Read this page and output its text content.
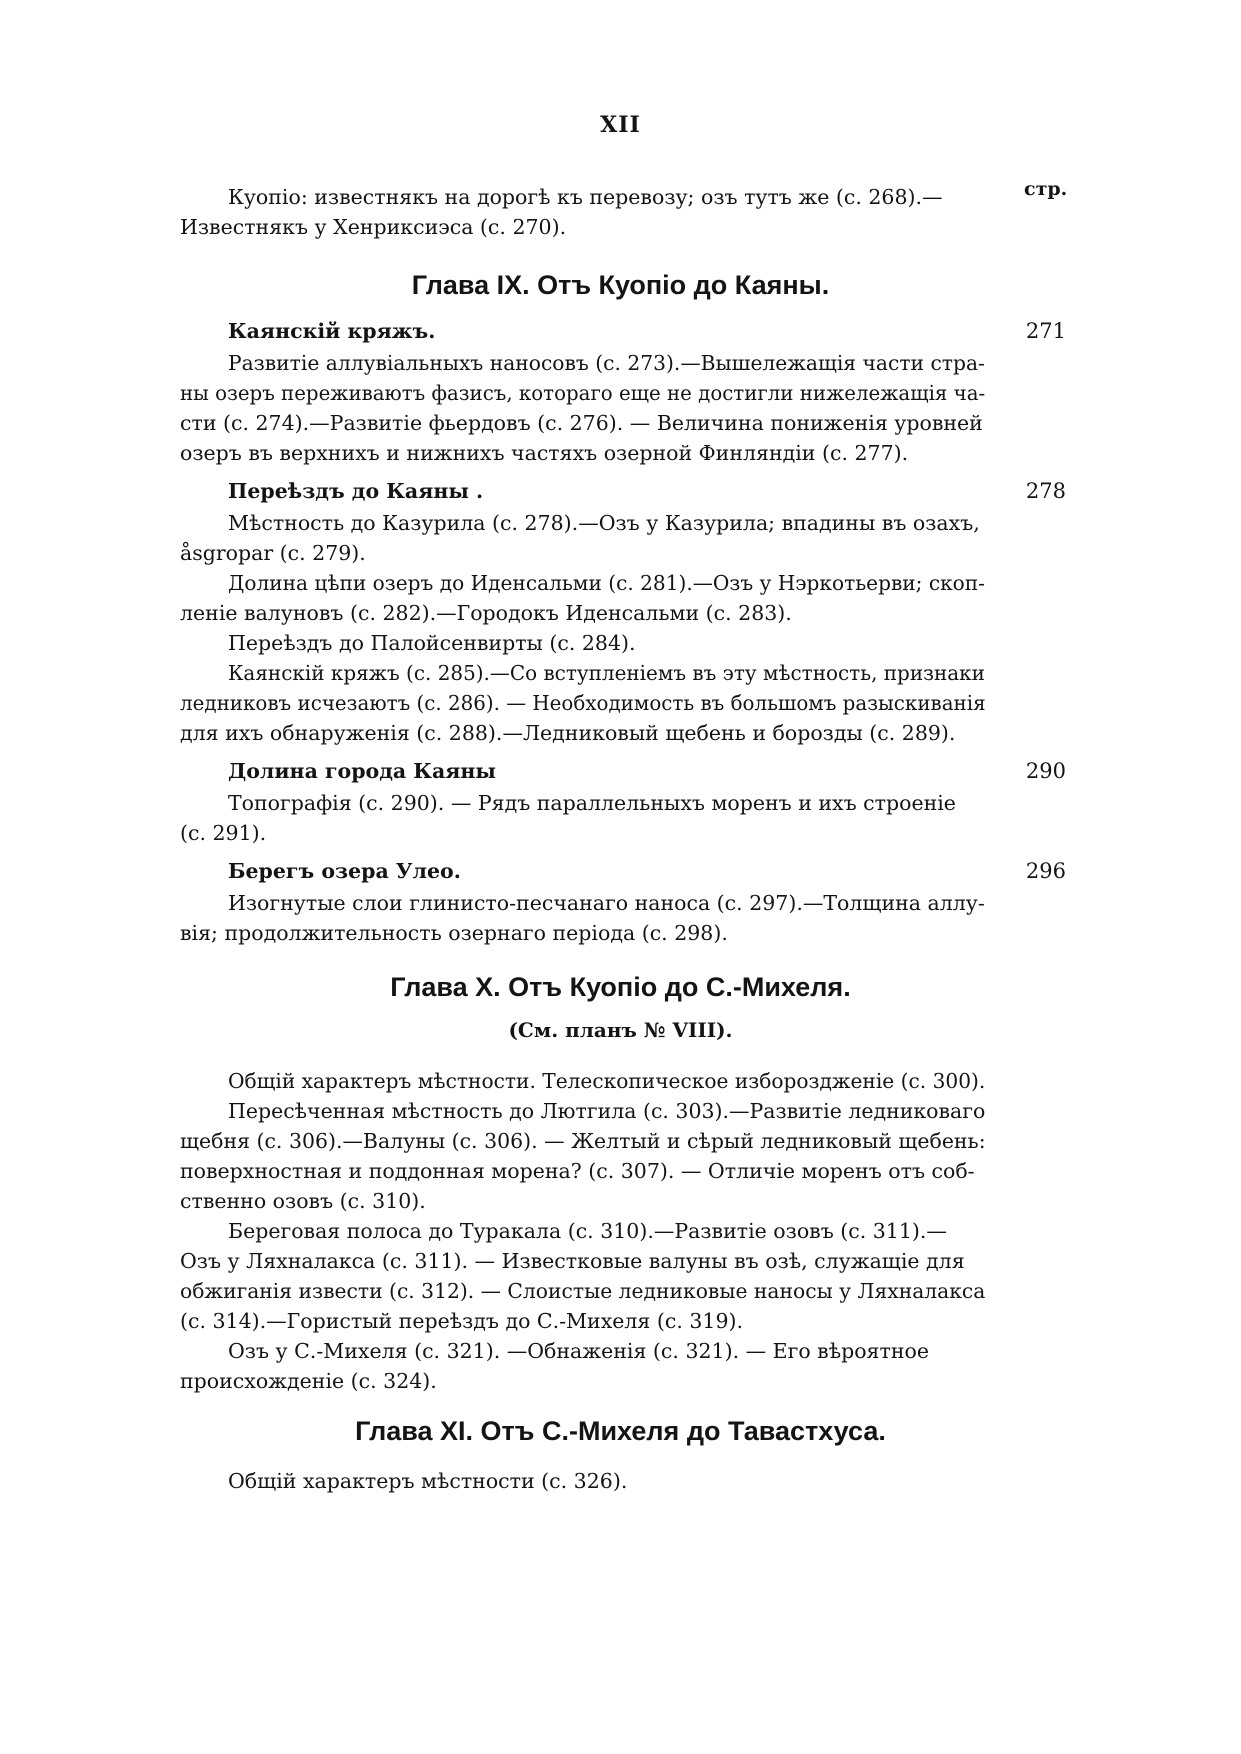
XII
стр.
Куопіо: известнякъ на дорогѣ къ перевозу; озъ тутъ же (с. 268).—
Известнякъ у Хенриксиэса (с. 270).
Глава IX. Отъ Куопіо до Каяны.
Каянскій кряжъ.	271
Развитіе аллувіальныхъ наносовъ (с. 273).—Вышележащія части стра-
ны озеръ переживаютъ фазисъ, котораго еще не достигли нижележащія ча-
сти (с. 274).—Развитіе фьердовъ (с. 276). — Величина пониженія уровней
озеръ въ верхнихъ и нижнихъ частяхъ озерной Финляндіи (с. 277).
Переѣздъ до Каяны .	278
Мѣстность до Казурила (с. 278).—Озъ у Казурила; впадины въ озахъ,
åsgropar (с. 279).
Долина цѣпи озеръ до Иденсальми (с. 281).—Озъ у Нэркотьерви; скоп-
леніе валуновъ (с. 282).—Городокъ Иденсальми (с. 283).
Переѣздъ до Палойсенвирты (с. 284).
Каянскій кряжъ (с. 285).—Со вступленіемъ въ эту мѣстность, признаки
ледниковъ исчезаютъ (с. 286). — Необходимость въ большомъ разыскиванія
для ихъ обнаруженія (с. 288).—Ледниковый щебень и борозды (с. 289).
Долина города Каяны	290
Топографія (с. 290). — Рядъ параллельныхъ моренъ и ихъ строеніе
(с. 291).
Берегъ озера Улео.	296
Изогнутые слои глинисто-песчанаго наноса (с. 297).—Толщина аллу-
вія; продолжительность озернаго періода (с. 298).
Глава X. Отъ Куопіо до С.-Михеля.
(См. планъ № VIII).
Общій характеръ мѣстности. Телескопическое избороздженіе (с. 300).
Пересѣченная мѣстность до Лютгила (с. 303).—Развитіе ледниковаго
щебня (с. 306).—Валуны (с. 306). — Желтый и сѣрый ледниковый щебень:
поверхностная и поддонная морена? (с. 307). — Отличіе моренъ отъ соб-
ственно озовъ (с. 310).
Береговая полоса до Туракала (с. 310).—Развитіе озовъ (с. 311).—
Озъ у Ляхналакса (с. 311). — Известковые валуны въ озѣ, служащіе для
обжиганія извести (с. 312). — Слоистые ледниковые наносы у Ляхналакса
(с. 314).—Гористый переѣздъ до С.-Михеля (с. 319).
Озъ у С.-Михеля (с. 321). —Обнаженія (с. 321). — Его вѣроятное
происхожденіе (с. 324).
Глава XI. Отъ С.-Михеля до Тавастхуса.
Общій характеръ мѣстности (с. 326).
